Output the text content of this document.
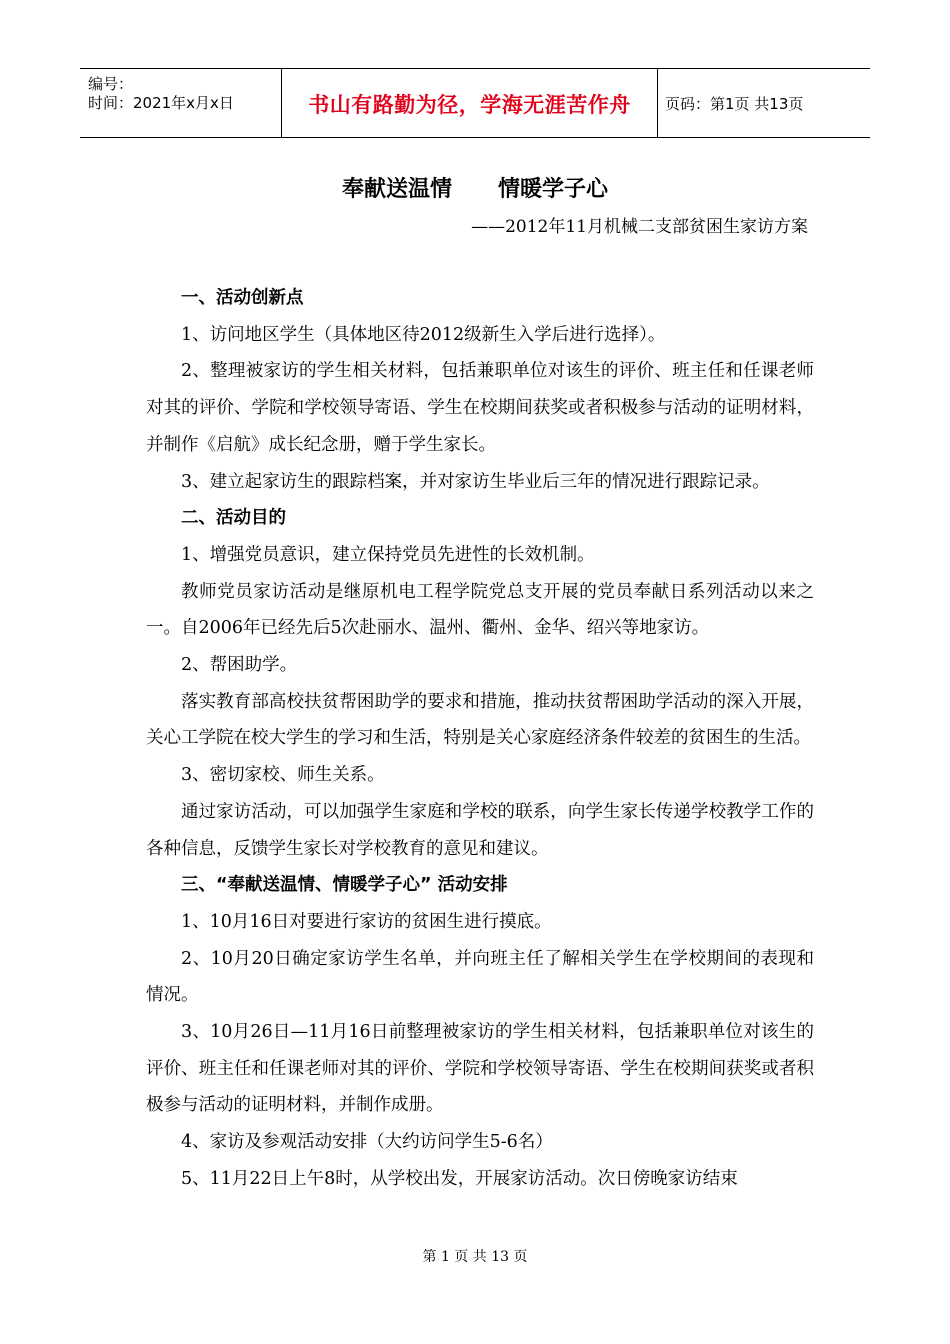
编号：
时间：2021年x月x日	书山有路勤为径，学海无涯苦作舟	页码：第1页 共13页
奉献送温情      情暖学子心
——2012年11月机械二支部贫困生家访方案

一、活动创新点

1、访问地区学生（具体地区待2012级新生入学后进行选择）。

2、整理被家访的学生相关材料，包括兼职单位对该生的评价、班主任和任课老师对其的评价、学院和学校领导寄语、学生在校期间获奖或者积极参与活动的证明材料，并制作《启航》成长纪念册，赠于学生家长。

3、建立起家访生的跟踪档案，并对家访生毕业后三年的情况进行跟踪记录。

二、活动目的

1、增强党员意识，建立保持党员先进性的长效机制。

教师党员家访活动是继原机电工程学院党总支开展的党员奉献日系列活动以来之一。自2006年已经先后5次赴丽水、温州、衢州、金华、绍兴等地家访。

2、帮困助学。

落实教育部高校扶贫帮困助学的要求和措施，推动扶贫帮困助学活动的深入开展，关心工学院在校大学生的学习和生活，特别是关心家庭经济条件较差的贫困生的生活。

3、密切家校、师生关系。

通过家访活动，可以加强学生家庭和学校的联系，向学生家长传递学校教学工作的各种信息，反馈学生家长对学校教育的意见和建议。

三、“奉献送温情、情暖学子心” 活动安排

1、10月16日对要进行家访的贫困生进行摸底。

2、10月20日确定家访学生名单，并向班主任了解相关学生在学校期间的表现和情况。

3、10月26日—11月16日前整理被家访的学生相关材料，包括兼职单位对该生的评价、班主任和任课老师对其的评价、学院和学校领导寄语、学生在校期间获奖或者积极参与活动的证明材料，并制作成册。

4、家访及参观活动安排（大约访问学生5-6名）

5、11月22日上午8时，从学校出发，开展家访活动。次日傍晚家访结束

第 1 页 共 13 页
